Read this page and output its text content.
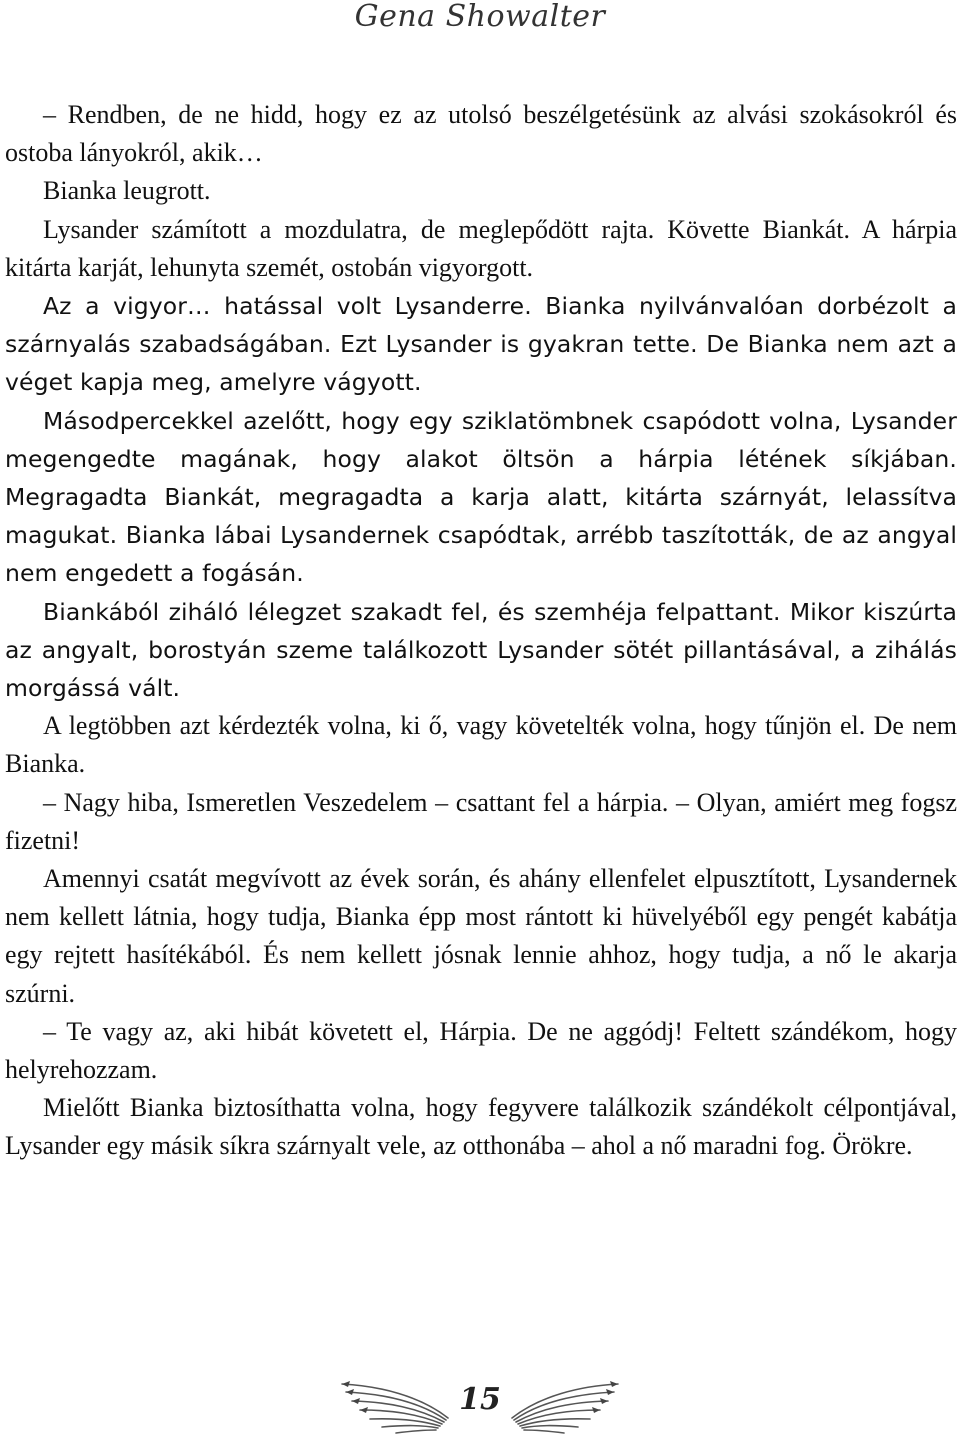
Gena Showalter

– Rendben, de ne hidd, hogy ez az utolsó beszélgetésünk az alvási szokásokról és ostoba lányokról, akik…

Bianka leugrott.

Lysander számított a mozdulatra, de meglepődött rajta. Követte Biankát. A hárpia kitárta karját, lehunyta szemét, ostobán vigyorgott.

Az a vigyor… hatással volt Lysanderre. Bianka nyilvánvalóan dorbézolt a szárnyalás szabadságában. Ezt Lysander is gyakran tette. De Bianka nem azt a véget kapja meg, amelyre vágyott.

Másodpercekkel azelőtt, hogy egy sziklatömbnek csapódott volna, Lysander megengedte magának, hogy alakot öltsön a hárpia létének síkjában. Megragadta Biankát, megragadta a karja alatt, kitárta szárnyát, lelassítva magukat. Bianka lábai Lysandernek csapódtak, arrébb taszították, de az angyal nem engedett a fogásán.

Biankából ziháló lélegzet szakadt fel, és szemhéja felpattant. Mikor kiszúrta az angyalt, borostyán szeme találkozott Lysander sötét pillantásával, a zihálás morgássá vált.

A legtöbben azt kérdezték volna, ki ő, vagy követelték volna, hogy tűnjön el. De nem Bianka.

– Nagy hiba, Ismeretlen Veszedelem – csattant fel a hárpia. – Olyan, amiért meg fogsz fizetni!

Amennyi csatát megvívott az évek során, és ahány ellenfelet elpusztított, Lysandernek nem kellett látnia, hogy tudja, Bianka épp most rántott ki hüvelyéből egy pengét kabátja egy rejtett hasítékából. És nem kellett jósnak lennie ahhoz, hogy tudja, a nő le akarja szúrni.

– Te vagy az, aki hibát követett el, Hárpia. De ne aggódj! Feltett szándékom, hogy helyrehozzam.

Mielőtt Bianka biztosíthatta volna, hogy fegyvere találkozik szándékolt célpontjával, Lysander egy másik síkra szárnyalt vele, az otthonába – ahol a nő maradni fog. Örökre.

15
